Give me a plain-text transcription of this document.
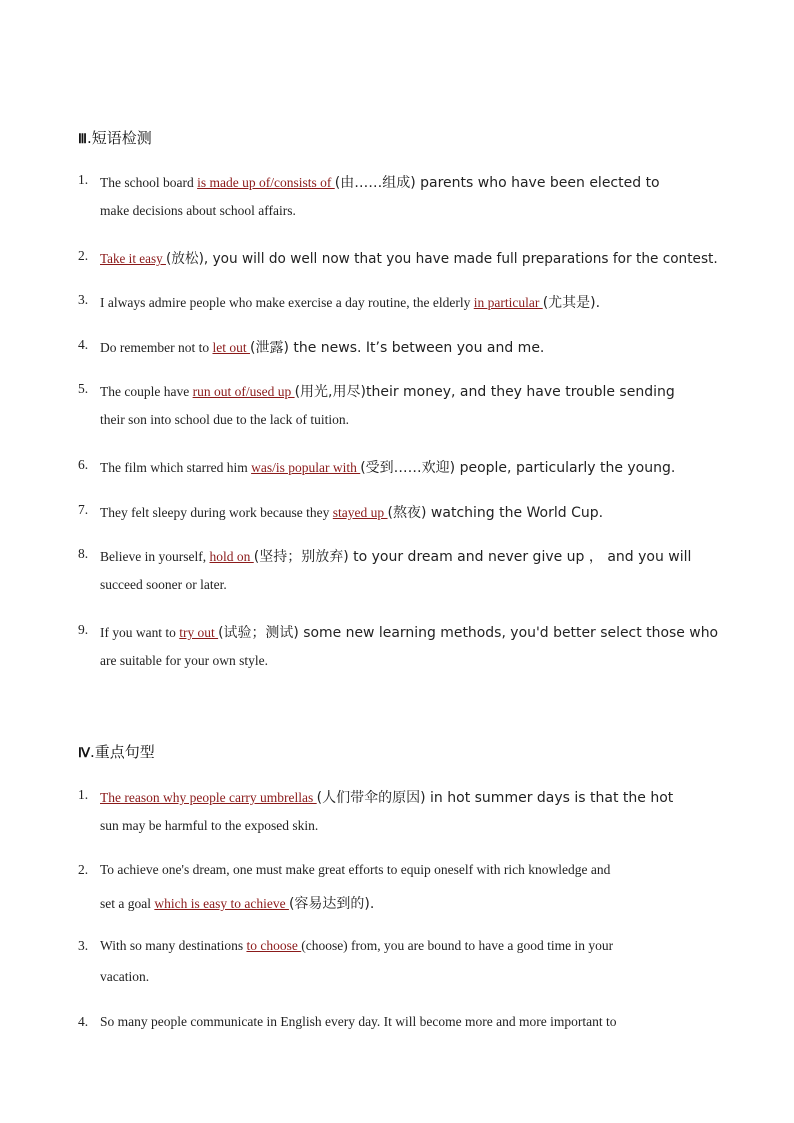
Ⅲ.短语检测
1. The school board is made up of/consists of (由……组成) parents who have been elected to
make decisions about school affairs.
2. Take it easy (放松), you will do well now that you have made full preparations for the contest.
3. I always admire people who make exercise a day routine, the elderly in particular (尤其是).
4. Do remember not to let out (泄露) the news. It’s between you and me.
5. The couple have run out of/used up (用光,用尽)their money, and they have trouble sending
their son into school due to the lack of tuition.
6. The film which starred him was/is popular with (受到……欢迎) people, particularly the young.
7. They felt sleepy during work because they stayed up (熬夜) watching the World Cup.
8. Believe in yourself, hold on (坚持；别放弃) to your dream and never give up ， and you will
succeed sooner or later.
9. If you want to try out (试验；测试) some new learning methods, you'd better select those who
are suitable for your own style.
Ⅳ.重点句型
1. The reason why people carry umbrellas (人们带伞的原因) in hot summer days is that the hot
sun may be harmful to the exposed skin.
2. To achieve one's dream, one must make great efforts to equip oneself with rich knowledge and
set a goal which is easy to achieve (容易达到的).
3. With so many destinations to choose (choose) from, you are bound to have a good time in your
vacation.
4. So many people communicate in English every day. It will become more and more important to
